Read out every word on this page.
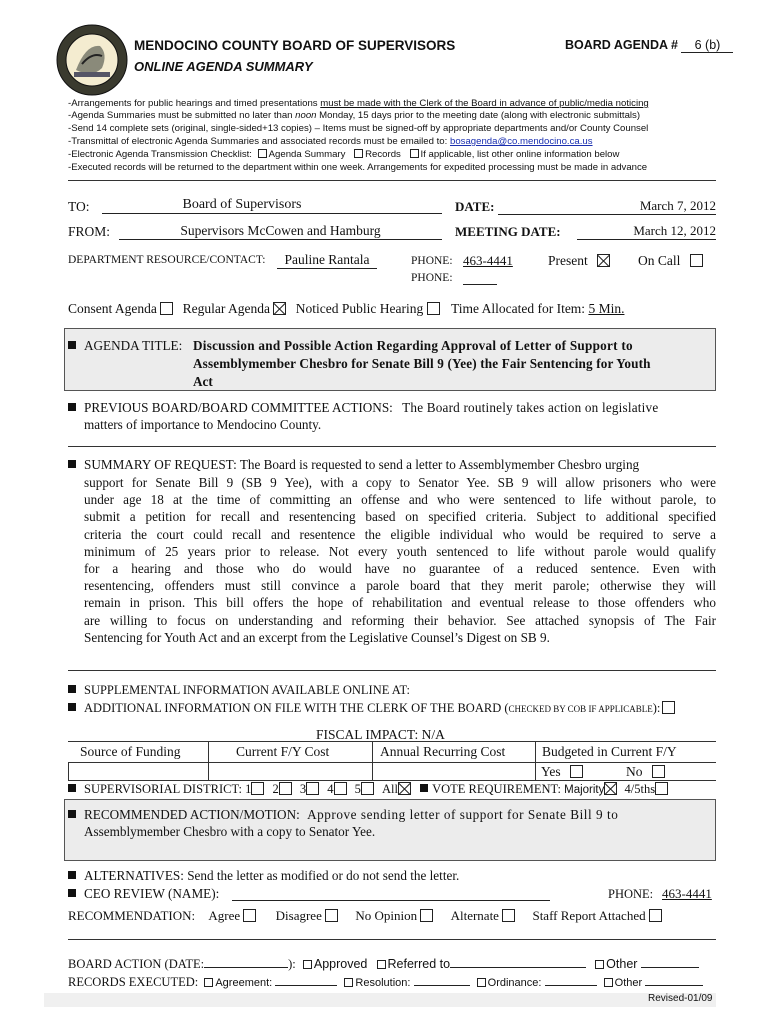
MENDOCINO COUNTY BOARD OF SUPERVISORS
ONLINE AGENDA SUMMARY
BOARD AGENDA # 6 (b)
-Arrangements for public hearings and timed presentations must be made with the Clerk of the Board in advance of public/media noticing
-Agenda Summaries must be submitted no later than noon Monday, 15 days prior to the meeting date (along with electronic submittals)
-Send 14 complete sets (original, single-sided+13 copies) – Items must be signed-off by appropriate departments and/or County Counsel
-Transmittal of electronic Agenda Summaries and associated records must be emailed to: bosagenda@co.mendocino.ca.us
-Electronic Agenda Transmission Checklist: Agenda Summary Records If applicable, list other online information below
-Executed records will be returned to the department within one week. Arrangements for expedited processing must be made in advance
TO:	Board of Supervisors	DATE:	March 7, 2012
FROM:	Supervisors McCowen and Hamburg	MEETING DATE:	March 12, 2012
DEPARTMENT RESOURCE/CONTACT:	Pauline Rantala	PHONE: 463-4441
PHONE:
Present	On Call
Consent Agenda Regular Agenda Noticed Public Hearing Time Allocated for Item: 5 Min.
AGENDA TITLE: Discussion and Possible Action Regarding Approval of Letter of Support to
Assemblymember Chesbro for Senate Bill 9 (Yee) the Fair Sentencing for Youth
Act
PREVIOUS BOARD/BOARD COMMITTEE ACTIONS: The Board routinely takes action on legislative
matters of importance to Mendocino County.
SUMMARY OF REQUEST: The Board is requested to send a letter to Assemblymember Chesbro urging
support for Senate Bill 9 (SB 9 Yee), with a copy to Senator Yee. SB 9 will allow prisoners who were
under age 18 at the time of committing an offense and who were sentenced to life without parole, to
submit a petition for recall and resentencing based on specified criteria. Subject to additional specified
criteria the court could recall and resentence the eligible individual who would be required to serve a
minimum of 25 years prior to release. Not every youth sentenced to life without parole would qualify
for a hearing and those who do would have no guarantee of a reduced sentence. Even with
resentencing, offenders must still convince a parole board that they merit parole; otherwise they will
remain in prison. This bill offers the hope of rehabilitation and eventual release to those offenders who
are willing to focus on understanding and reforming their behavior. See attached synopsis of The Fair
Sentencing for Youth Act and an excerpt from the Legislative Counsel’s Digest on SB 9.
SUPPLEMENTAL INFORMATION AVAILABLE ONLINE AT:
ADDITIONAL INFORMATION ON FILE WITH THE CLERK OF THE BOARD (CHECKED BY COB IF APPLICABLE):
FISCAL IMPACT: N/A
Source of Funding	Current F/Y Cost	Annual Recurring Cost	Budgeted in Current F/Y
Yes	No
SUPERVISORIAL DISTRICT: 1 2 3 4 5 All	VOTE REQUIREMENT: Majority 4/5ths
RECOMMENDED ACTION/MOTION: Approve sending letter of support for Senate Bill 9 to
Assemblymember Chesbro with a copy to Senator Yee.
ALTERNATIVES: Send the letter as modified or do not send the letter.
CEO REVIEW (NAME):	PHONE: 463-4441
RECOMMENDATION: Agree	Disagree	No Opinion	Alternate	Staff Report Attached
BOARD ACTION (DATE:	): Approved Referred to	Other
RECORDS EXECUTED: Agreement:	Resolution:	Ordinance:	Other
Revised-01/09
